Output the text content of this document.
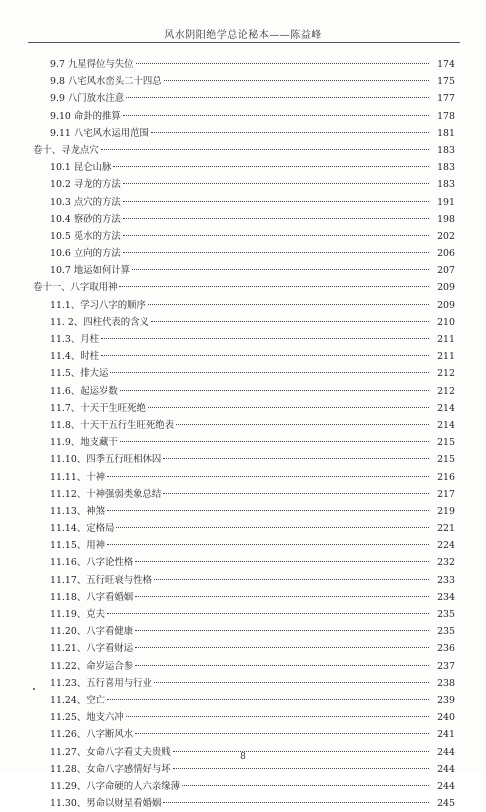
风水阴阳绝学总论秘本——陈益峰
9.7 九星得位与失位	174
9.8 八宅风水峦头二十四总	175
9.9 八门放水注意	177
9.10 命卦的推算	178
9.11 八宅风水运用范围	181
卷十、寻龙点穴	183
10.1 昆仑山脉	183
10.2 寻龙的方法	183
10.3 点穴的方法	191
10.4 察砂的方法	198
10.5 觅水的方法	202
10.6 立向的方法	206
10.7 地运如何计算	207
卷十一、八字取用神	209
11.1、学习八字的顺序	209
11. 2、四柱代表的含义	210
11.3、月柱	211
11.4、时柱	211
11.5、排大运	212
11.6、起运岁数	212
11.7、十天干生旺死绝	214
11.8、十天干五行生旺死绝表	214
11.9、地支藏干	215
11.10、四季五行旺相休囚	215
11.11、十神	216
11.12、十神强弱类象总结	217
11.13、神煞	219
11.14、定格局	221
11.15、用神	224
11.16、八字论性格	232
11.17、五行旺衰与性格	233
11.18、八字看婚姻	234
11.19、克夫	235
11.20、八字看健康	235
11.21、八字看财运	236
11.22、命岁运合参	237
11.23、五行喜用与行业	238
11.24、空亡	239
11.25、地支六冲	240
11.26、八字断风水	241
11.27、女命八字看丈夫贵贱	244
11.28、女命八字感情好与坏	244
11.29、八字命硬的人六亲缘薄	244
11.30、男命以财星看婚姻	245
8
